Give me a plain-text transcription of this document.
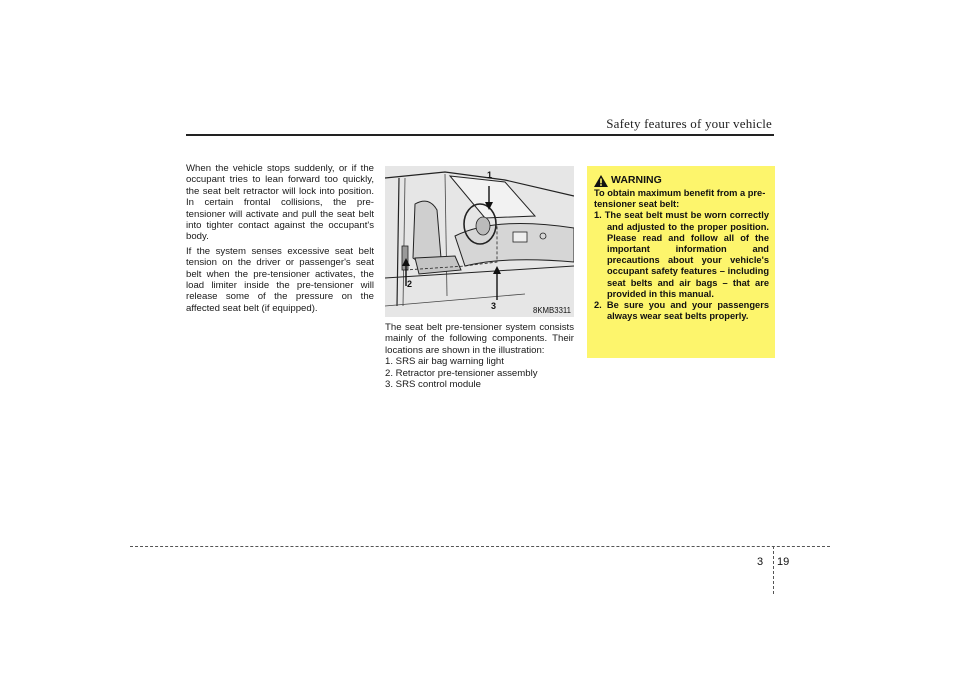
Safety features of your vehicle

When the vehicle stops suddenly, or if the occupant tries to lean forward too quickly, the seat belt retractor will lock into position. In certain frontal collisions, the pre-tensioner will activate and pull the seat belt into tighter contact against the occupant's body.

If the system senses excessive seat belt tension on the driver or passenger's seat belt when the pre-tensioner activates, the load limiter inside the pre-tensioner will release some of the pressure on the affected seat belt (if equipped).

1
2
3	8KMB3311

The seat belt pre-tensioner system consists mainly of the following components. Their locations are shown in the illustration:

1. SRS air bag warning light
2. Retractor pre-tensioner assembly
3. SRS control module
WARNING

To obtain maximum benefit from a pre-tensioner seat belt:

1. The seat belt must be worn correctly and adjusted to the proper position. Please read and follow all of the important information and precautions about your vehicle's occupant safety features – including seat belts and air bags – that are provided in this manual.
2. Be sure you and your passengers always wear seat belts properly.
3 19
